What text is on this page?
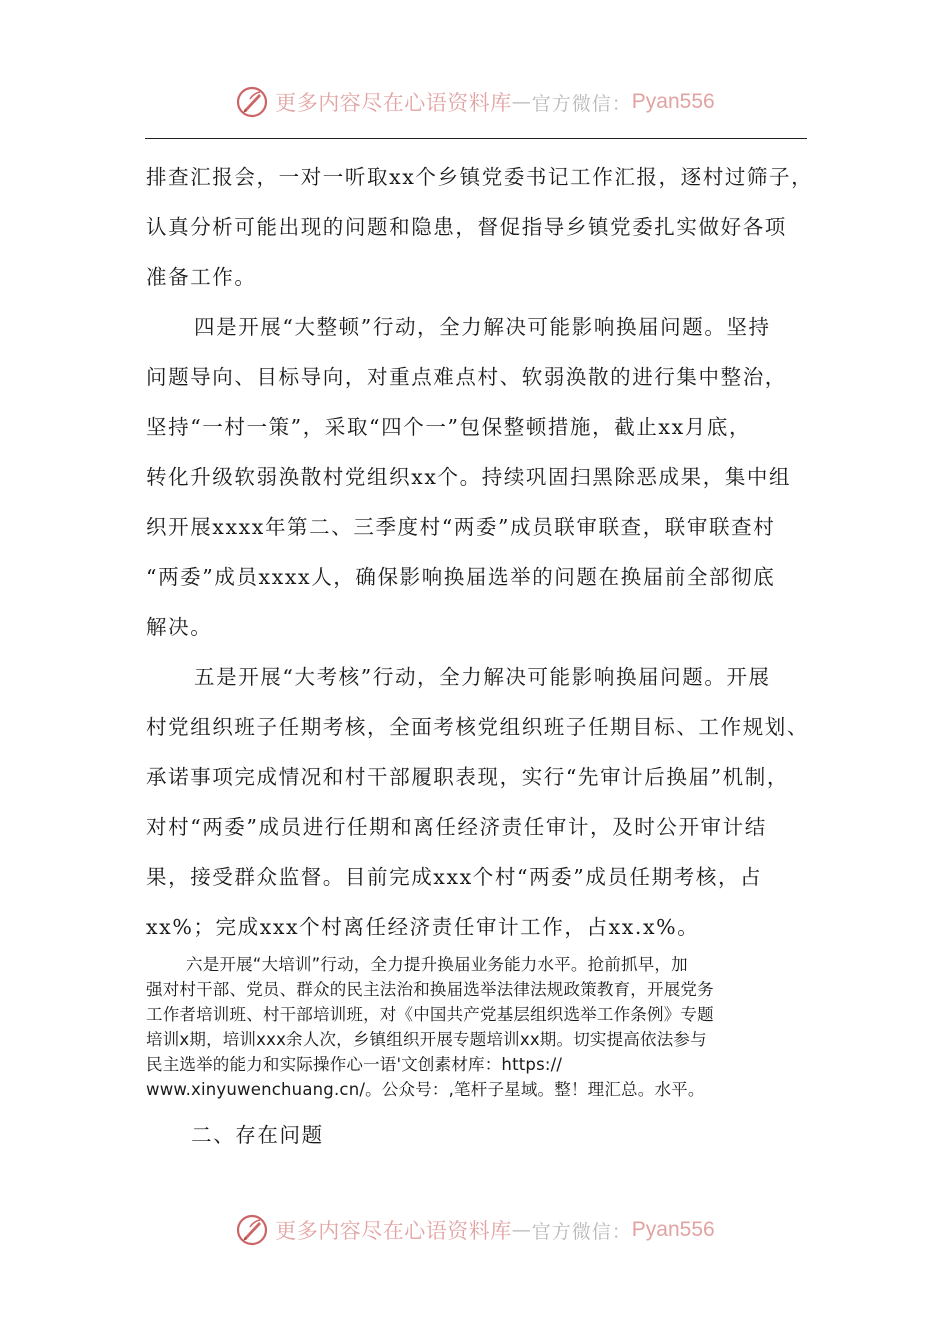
更多内容尽在心语资料库 — 官方微信： Pyan556

排查汇报会，一对一听取xx个乡镇党委书记工作汇报，逐村过筛子，
认真分析可能出现的问题和隐患，督促指导乡镇党委扎实做好各项
准备工作。

四是开展“大整顿”行动，全力解决可能影响换届问题。坚持
问题导向、目标导向，对重点难点村、软弱涣散的进行集中整治，
坚持“一村一策”，采取“四个一”包保整顿措施，截止xx月底，
转化升级软弱涣散村党组织xx个。持续巩固扫黑除恶成果，集中组
织开展xxxx年第二、三季度村“两委”成员联审联查，联审联查村
“两委”成员xxxx人，确保影响换届选举的问题在换届前全部彻底
解决。

五是开展“大考核”行动，全力解决可能影响换届问题。开展
村党组织班子任期考核，全面考核党组织班子任期目标、工作规划、
承诺事项完成情况和村干部履职表现，实行“先审计后换届”机制，
对村“两委”成员进行任期和离任经济责任审计，及时公开审计结
果，接受群众监督。目前完成xxx个村“两委”成员任期考核，占
xx%；完成xxx个村离任经济责任审计工作，占xx.x%。

六是开展“大培训”行动，全力提升换届业务能力水平。抢前抓早，加
强对村干部、党员、群众的民主法治和换届选举法律法规政策教育，开展党务
工作者培训班、村干部培训班，对《中国共产党基层组织选举工作条例》专题
培训x期，培训xxx余人次，乡镇组织开展专题培训xx期。切实提高依法参与
民主选举的能力和实际操作心一语'文创素材库：https://
www.xinyuwenchuang.cn/。公众号：,笔杆子星域。整！理汇总。水平。

二、存在问题

更多内容尽在心语资料库 — 官方微信： Pyan556
